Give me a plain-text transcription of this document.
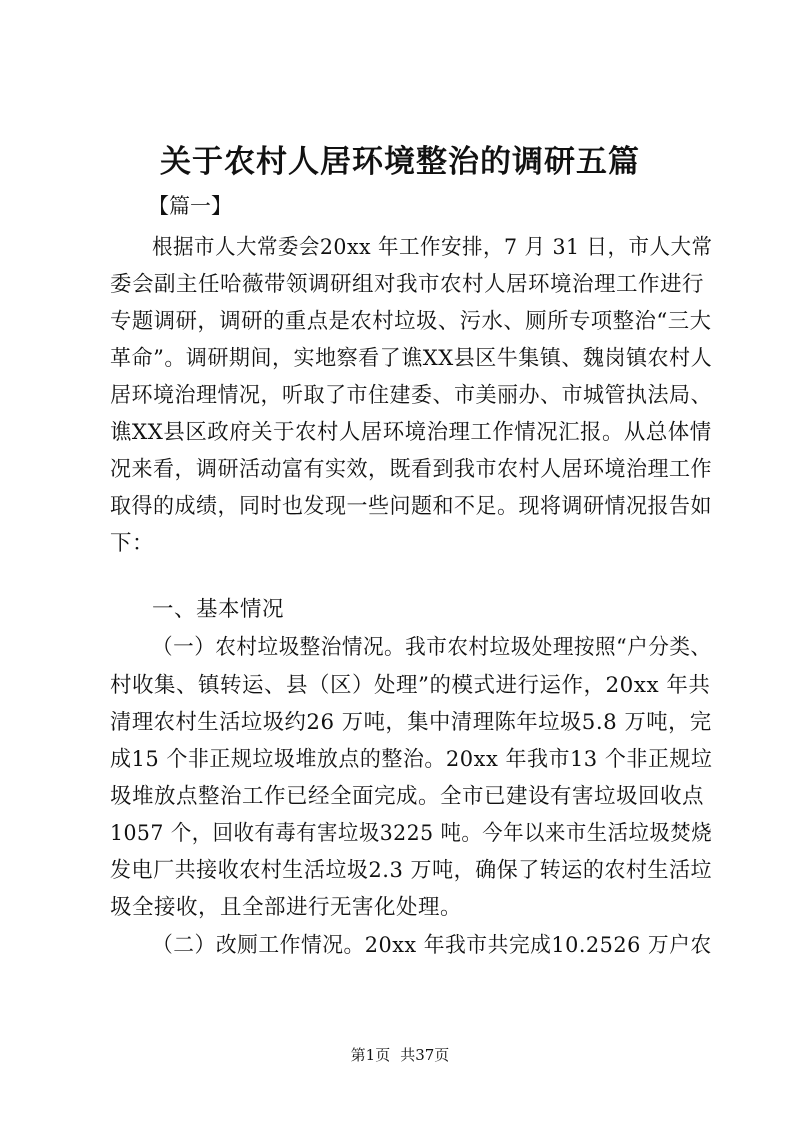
关于农村人居环境整治的调研五篇
【篇一】
根据市人大常委会20xx 年工作安排，7 月 31 日，市人大常
委会副主任哈薇带领调研组对我市农村人居环境治理工作进行
专题调研，调研的重点是农村垃圾、污水、厕所专项整治“三大
革命”。调研期间，实地察看了谯XX县区牛集镇、魏岗镇农村人
居环境治理情况，听取了市住建委、市美丽办、市城管执法局、
谯XX县区政府关于农村人居环境治理工作情况汇报。从总体情
况来看，调研活动富有实效，既看到我市农村人居环境治理工作
取得的成绩，同时也发现一些问题和不足。现将调研情况报告如
下：
一、基本情况
（一）农村垃圾整治情况。我市农村垃圾处理按照“户分类、
村收集、镇转运、县（区）处理”的模式进行运作，20xx 年共
清理农村生活垃圾约26 万吨，集中清理陈年垃圾5.8 万吨，完
成15 个非正规垃圾堆放点的整治。20xx 年我市13 个非正规垃
圾堆放点整治工作已经全面完成。全市已建设有害垃圾回收点
1057 个，回收有毒有害垃圾3225 吨。今年以来市生活垃圾焚烧
发电厂共接收农村生活垃圾2.3 万吨，确保了转运的农村生活垃
圾全接收，且全部进行无害化处理。
（二）改厕工作情况。20xx 年我市共完成10.2526 万户农
第1页 共37页
